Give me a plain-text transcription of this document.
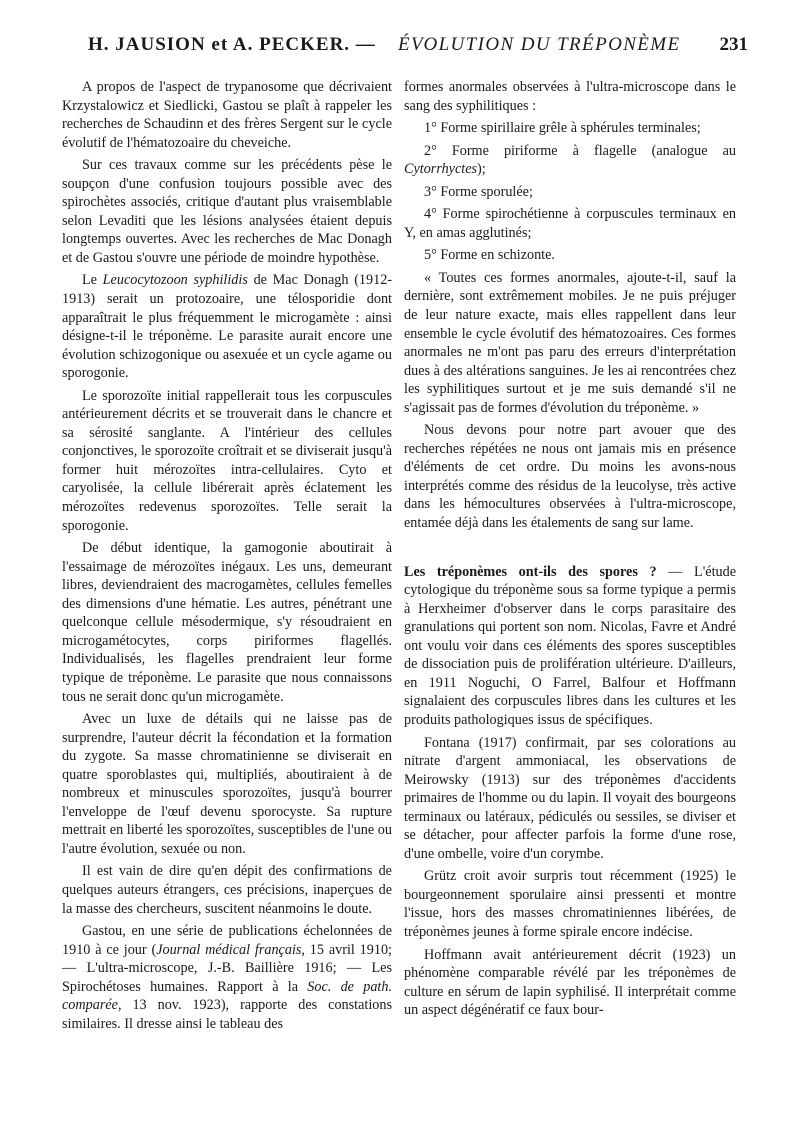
H. JAUSION et A. PECKER. — ÉVOLUTION DU TRÉPONÈME 231

A propos de l'aspect de trypanosome que décrivaient Krzystalowicz et Siedlicki, Gastou se plaît à rappeler les recherches de Schaudinn et des frères Sergent sur le cycle évolutif de l'hématozoaire du cheveiche.

Sur ces travaux comme sur les précédents pèse le soupçon d'une confusion toujours possible avec des spirochètes associés, critique d'autant plus vraisemblable selon Levaditi que les lésions analysées étaient depuis longtemps ouvertes. Avec les recherches de Mac Donagh et de Gastou s'ouvre une période de moindre hypothèse.

Le Leucocytozoon syphilidis de Mac Donagh (1912-1913) serait un protozoaire, une télosporidie dont apparaîtrait le plus fréquemment le microgamète : ainsi désigne-t-il le tréponème. Le parasite aurait encore une évolution schizogonique ou asexuée et un cycle agame ou sporogonie.

Le sporozoïte initial rappellerait tous les corpuscules antérieurement décrits et se trouverait dans le chancre et sa sérosité sanglante. A l'intérieur des cellules conjonctives, le sporozoïte croîtrait et se diviserait jusqu'à former huit mérozoïtes intra-cellulaires. Cyto et caryolisée, la cellule libérerait après éclatement les mérozoïtes redevenus sporozoïtes. Telle serait la sporogonie.

De début identique, la gamogonie aboutirait à l'essaimage de mérozoïtes inégaux. Les uns, demeurant libres, deviendraient des macrogamètes, cellules femelles des dimensions d'une hématie. Les autres, pénétrant une quelconque cellule mésodermique, s'y résoudraient en microgamétocytes, corps piriformes flagellés. Individualisés, les flagelles prendraient leur forme typique de tréponème. Le parasite que nous connaissons tous ne serait donc qu'un microgamète.

Avec un luxe de détails qui ne laisse pas de surprendre, l'auteur décrit la fécondation et la formation du zygote. Sa masse chromatinienne se diviserait en quatre sporoblastes qui, multipliés, aboutiraient à de nombreux et minuscules sporozoïtes, jusqu'à bourrer l'enveloppe de l'œuf devenu sporocyste. Sa rupture mettrait en liberté les sporozoïtes, susceptibles de l'une ou l'autre évolution, sexuée ou non.

Il est vain de dire qu'en dépit des confirmations de quelques auteurs étrangers, ces précisions, inaperçues de la masse des chercheurs, suscitent néanmoins le doute.

Gastou, en une série de publications échelonnées de 1910 à ce jour (Journal médical français, 15 avril 1910; — L'ultra-microscope, J.-B. Baillière 1916; — Les Spirochétoses humaines. Rapport à la Soc. de path. comparée, 13 nov. 1923), rapporte des constations similaires. Il dresse ainsi le tableau des

formes anormales observées à l'ultra-microscope dans le sang des syphilitiques :

1° Forme spirillaire grêle à sphérules terminales;

2° Forme piriforme à flagelle (analogue au Cytorrhyctes);

3° Forme sporulée;

4° Forme spirochétienne à corpuscules terminaux en Y, en amas agglutinés;

5° Forme en schizonte.

« Toutes ces formes anormales, ajoute-t-il, sauf la dernière, sont extrêmement mobiles. Je ne puis préjuger de leur nature exacte, mais elles rappellent dans leur ensemble le cycle évolutif des hématozoaires. Ces formes anormales ne m'ont pas paru des erreurs d'interprétation dues à des altérations sanguines. Je les ai rencontrées chez les syphilitiques surtout et je me suis demandé s'il ne s'agissait pas de formes d'évolution du tréponème. »

Nous devons pour notre part avouer que des recherches répétées ne nous ont jamais mis en présence d'éléments de cet ordre. Du moins les avons-nous interprétés comme des résidus de la leucolyse, très active dans les hémocultures observées à l'ultra-microscope, entamée déjà dans les étalements de sang sur lame.

Les tréponèmes ont-ils des spores ? — L'étude cytologique du tréponème sous sa forme typique a permis à Herxheimer d'observer dans le corps parasitaire des granulations qui portent son nom. Nicolas, Favre et André ont voulu voir dans ces éléments des spores susceptibles de dissociation puis de prolifération ultérieure. D'ailleurs, en 1911 Noguchi, O Farrel, Balfour et Hoffmann signalaient des corpuscules libres dans les cultures et les produits pathologiques issus de spécifiques.

Fontana (1917) confirmait, par ses colorations au nitrate d'argent ammoniacal, les observations de Meirowsky (1913) sur des tréponèmes d'accidents primaires de l'homme ou du lapin. Il voyait des bourgeons terminaux ou latéraux, pédiculés ou sessiles, se diviser et se détacher, pour affecter parfois la forme d'une rose, d'une ombelle, voire d'un corymbe.

Grütz croit avoir surpris tout récemment (1925) le bourgeonnement sporulaire ainsi pressenti et montre l'issue, hors des masses chromatiniennes libérées, de tréponèmes jeunes à forme spirale encore indécise.

Hoffmann avait antérieurement décrit (1923) un phénomène comparable révélé par les tréponèmes de culture en sérum de lapin syphilisé. Il interprétait comme un aspect dégénératif ce faux bour-
